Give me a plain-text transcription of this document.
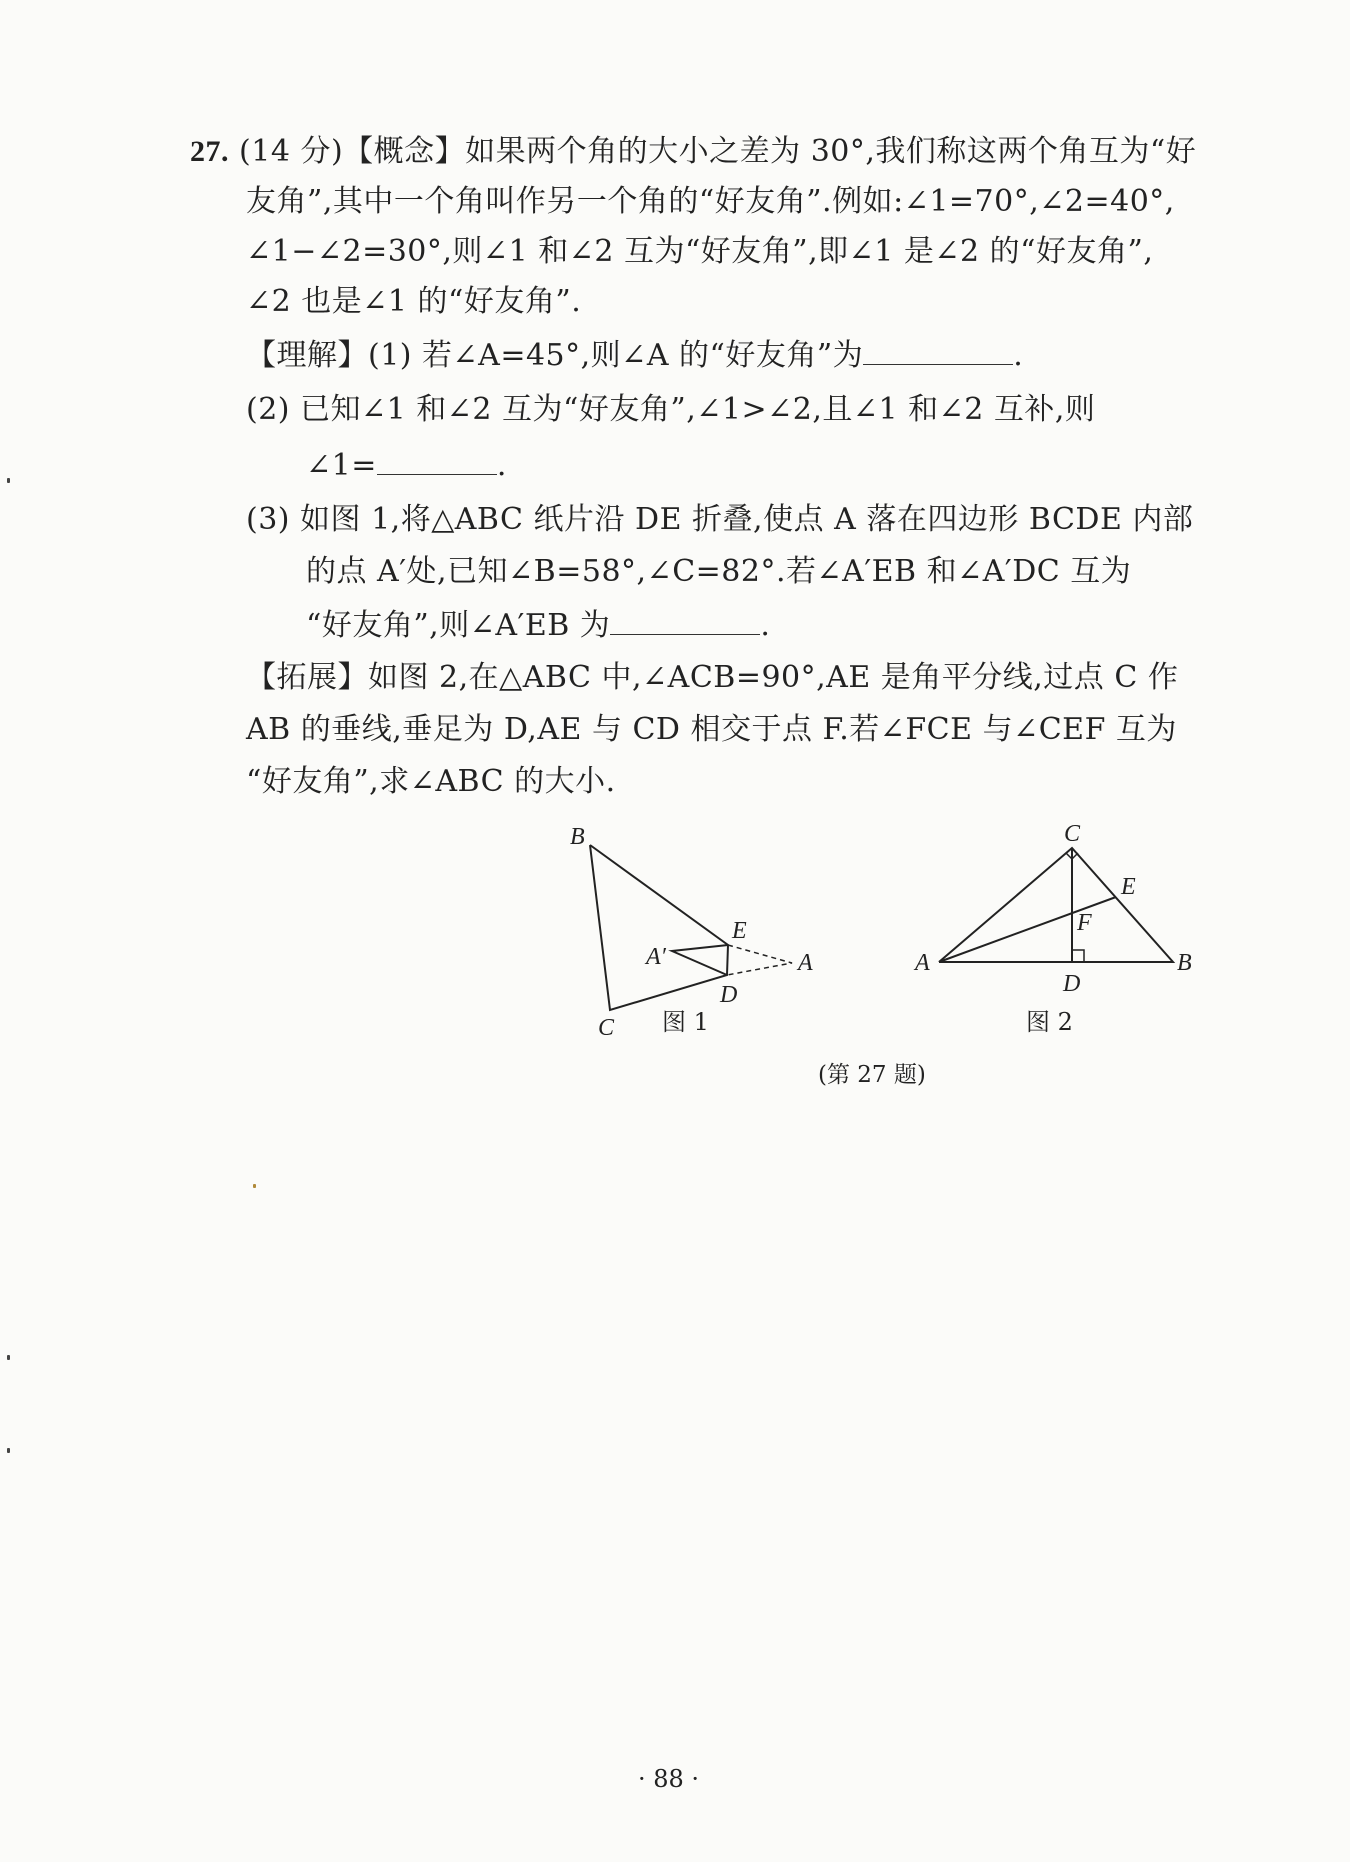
27. (14 分)【概念】如果两个角的大小之差为 30°,我们称这两个角互为“好
友角”,其中一个角叫作另一个角的“好友角”.例如:∠1=70°,∠2=40°,
∠1−∠2=30°,则∠1 和∠2 互为“好友角”,即∠1 是∠2 的“好友角”,
∠2 也是∠1 的“好友角”.
【理解】(1) 若∠A=45°,则∠A 的“好友角”为	.
(2) 已知∠1 和∠2 互为“好友角”,∠1>∠2,且∠1 和∠2 互补,则
∠1=	.
(3) 如图 1,将△ABC 纸片沿 DE 折叠,使点 A 落在四边形 BCDE 内部
的点 A′处,已知∠B=58°,∠C=82°.若∠A′EB 和∠A′DC 互为
“好友角”,则∠A′EB 为	.
【拓展】如图 2,在△ABC 中,∠ACB=90°,AE 是角平分线,过点 C 作
AB 的垂线,垂足为 D,AE 与 CD 相交于点 F.若∠FCE 与∠CEF 互为
“好友角”,求∠ABC 的大小.
B
E
A
A′
D
C 图 1
C
E
F
A
D
B
图 2
(第 27 题)
· 88 ·
